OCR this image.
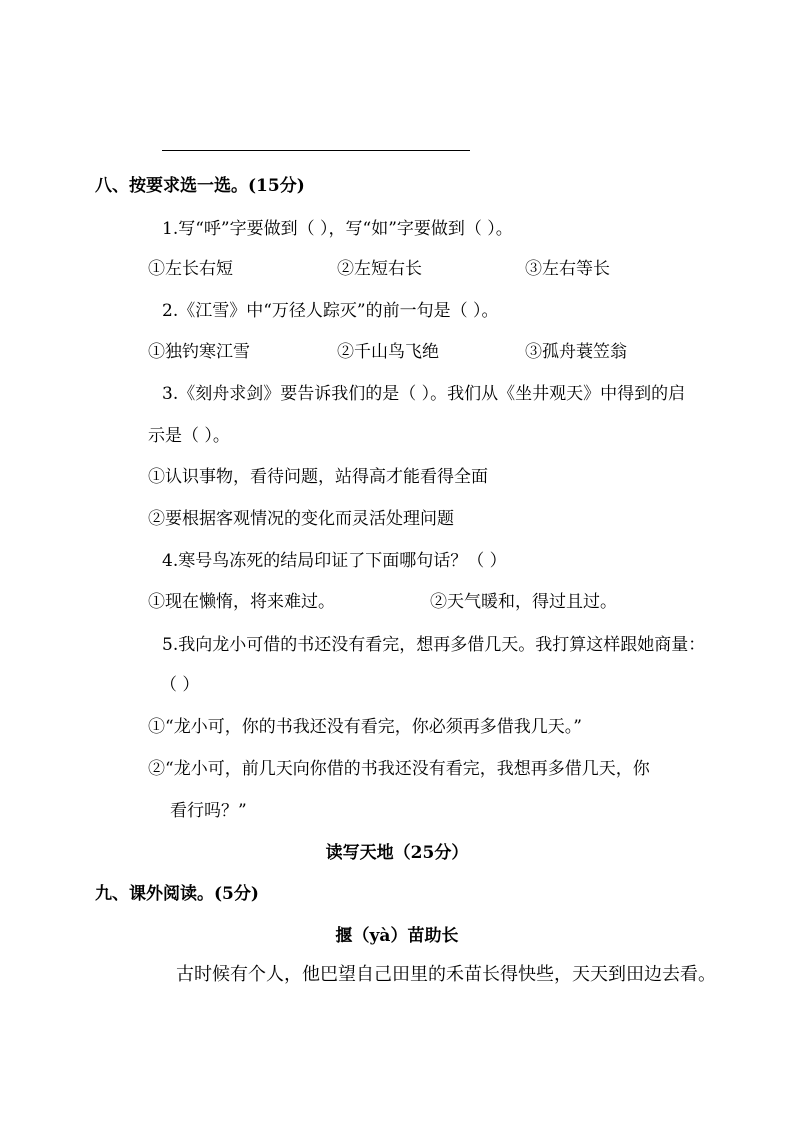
八、按要求选一选。(15分)
1.写“呼”字要做到（ ），写“如”字要做到（ ）。
①左长右短	②左短右长	③左右等长
2.《江雪》中“万径人踪灭”的前一句是（ ）。
①独钓寒江雪	②千山鸟飞绝	③孤舟蓑笠翁
3.《刻舟求剑》要告诉我们的是（ ）。我们从《坐井观天》中得到的启
示是（ ）。
①认识事物，看待问题，站得高才能看得全面
②要根据客观情况的变化而灵活处理问题
4.寒号鸟冻死的结局印证了下面哪句话？（ ）
①现在懒惰，将来难过。	②天气暖和，得过且过。
5.我向龙小可借的书还没有看完，想再多借几天。我打算这样跟她商量：
（ ）
①“龙小可，你的书我还没有看完，你必须再多借我几天。”
②“龙小可，前几天向你借的书我还没有看完，我想再多借几天，你
看行吗？”
读写天地（25分）
九、课外阅读。(5分)
揠（yà）苗助长
古时候有个人，他巴望自己田里的禾苗长得快些，天天到田边去看。
